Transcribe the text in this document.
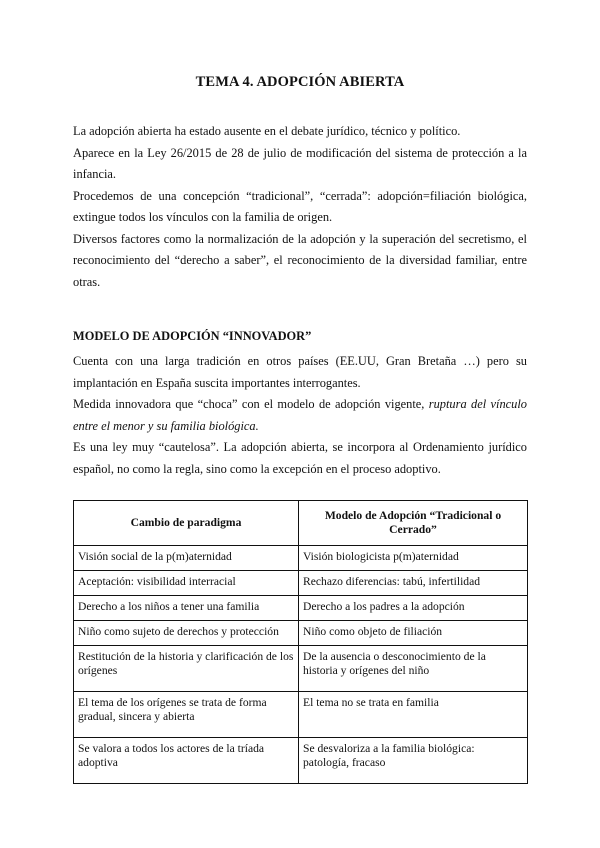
TEMA 4. ADOPCIÓN ABIERTA

La adopción abierta ha estado ausente en el debate jurídico, técnico y político.

Aparece en la Ley 26/2015 de 28 de julio de modificación del sistema de protección a la infancia.

Procedemos de una concepción “tradicional”, “cerrada”: adopción=filiación biológica, extingue todos los vínculos con la familia de origen.

Diversos factores como la normalización de la adopción y la superación del secretismo, el reconocimiento del “derecho a saber”, el reconocimiento de la diversidad familiar, entre otras.

MODELO DE ADOPCIÓN “INNOVADOR”

Cuenta con una larga tradición en otros países (EE.UU, Gran Bretaña …) pero su implantación en España suscita importantes interrogantes.

Medida innovadora que “choca” con el modelo de adopción vigente, ruptura del vínculo entre el menor y su familia biológica.

Es una ley muy “cautelosa”. La adopción abierta, se incorpora al Ordenamiento jurídico español, no como la regla, sino como la excepción en el proceso adoptivo.

Cambio de paradigma	Modelo de Adopción “Tradicional o Cerrado”
Visión social de la p(m)aternidad	Visión biologicista p(m)aternidad
Aceptación: visibilidad interracial	Rechazo diferencias: tabú, infertilidad
Derecho a los niños a tener una familia	Derecho a los padres a la adopción
Niño como sujeto de derechos y protección	Niño como objeto de filiación
Restitución de la historia y clarificación de los orígenes	De la ausencia o desconocimiento de la historia y orígenes del niño
El tema de los orígenes se trata de forma gradual, sincera y abierta	El tema no se trata en familia
Se valora a todos los actores de la tríada adoptiva	Se desvaloriza a la familia biológica: patología, fracaso
